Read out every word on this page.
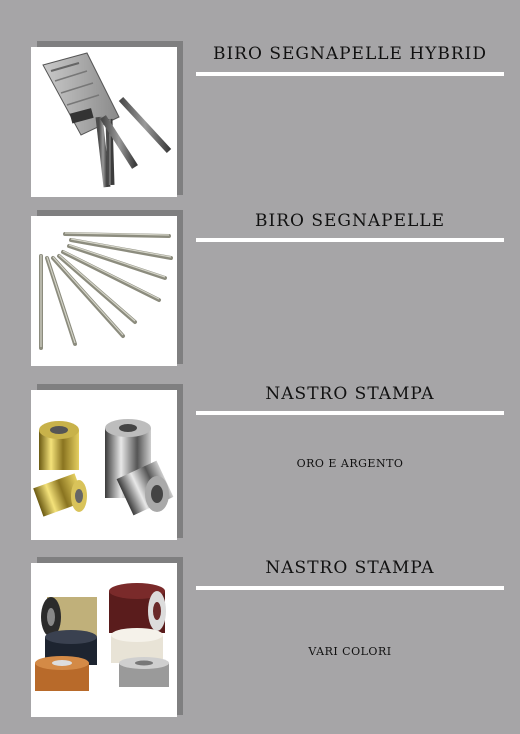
BIRO SEGNAPELLE HYBRID
BIRO SEGNAPELLE
NASTRO STAMPA
ORO E ARGENTO
NASTRO STAMPA
VARI COLORI
